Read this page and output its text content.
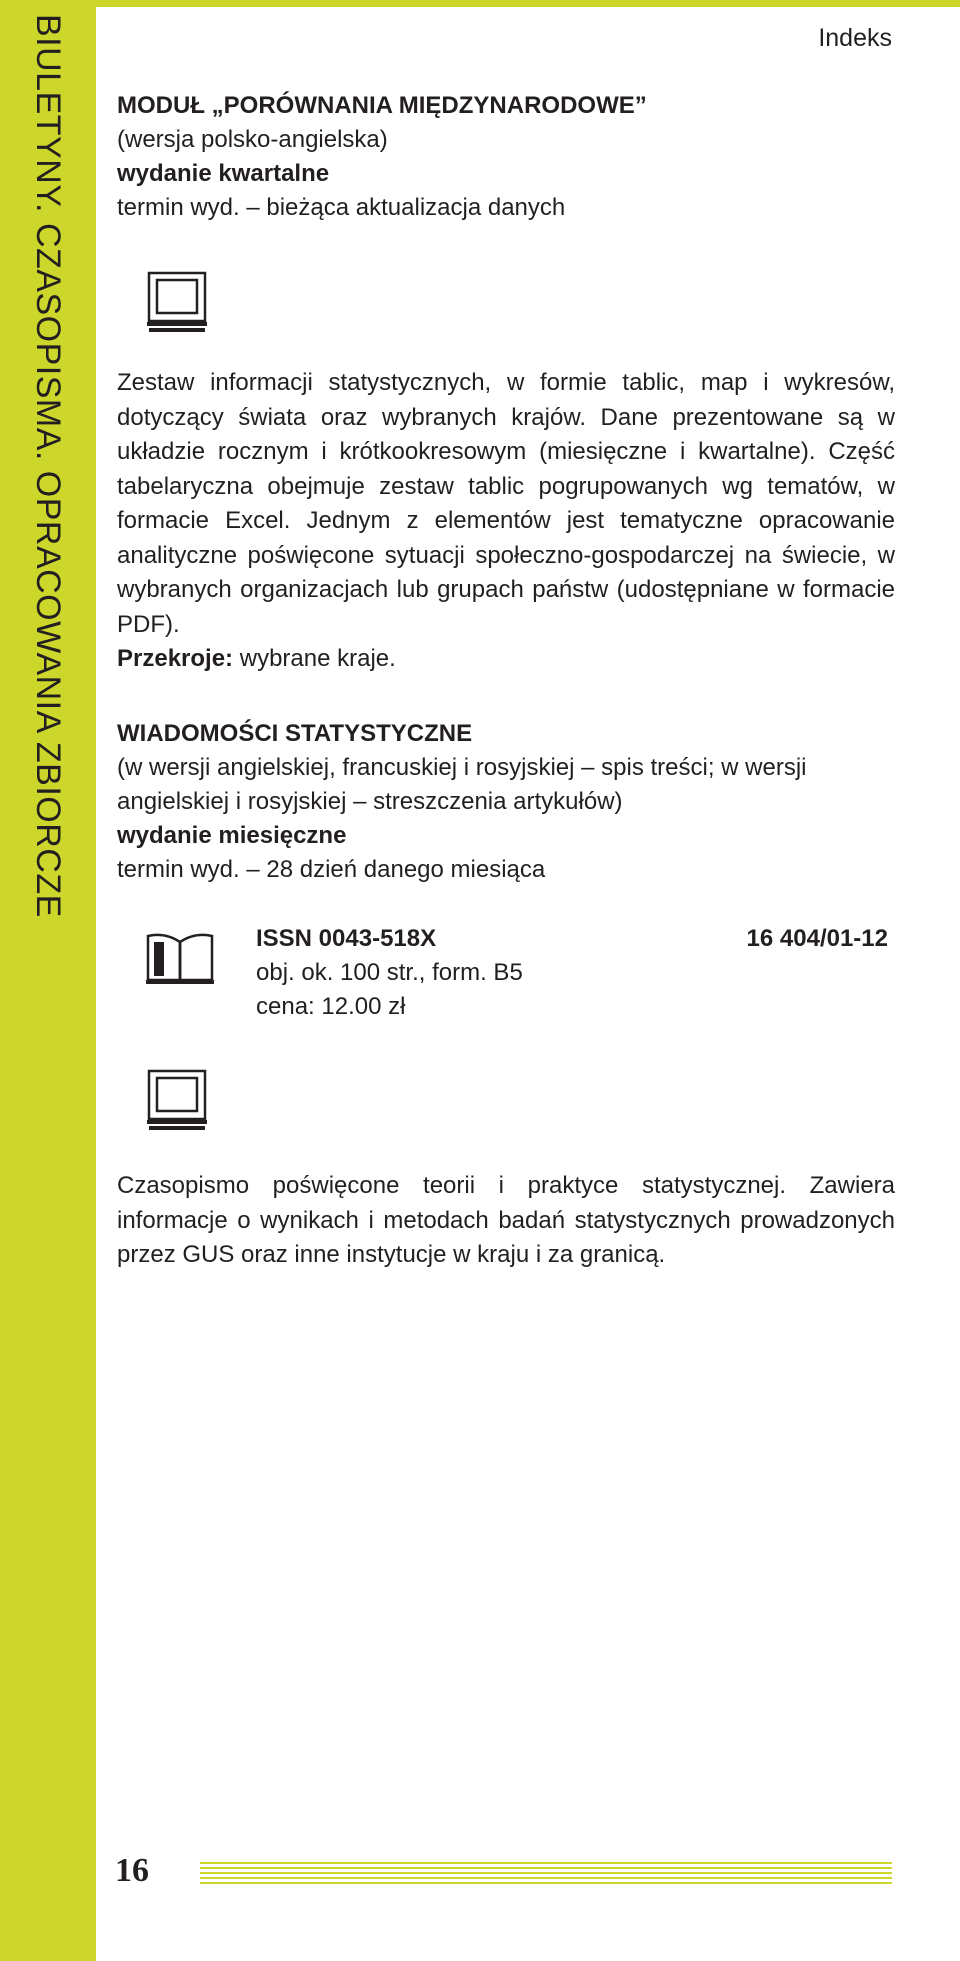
BIULETYNY. CZASOPISMA. OPRACOWANIA ZBIORCZE	Indeks
MODUŁ „PORÓWNANIA MIĘDZYNARODOWE”
(wersja polsko-angielska)
wydanie kwartalne
termin wyd. – bieżąca aktualizacja danych

Zestaw informacji statystycznych, w formie tablic, map i wykresów, dotyczący świata oraz wybranych krajów. Dane prezentowane są w układzie rocznym i krótkookresowym (miesięczne i kwartalne). Część tabelaryczna obejmuje zestaw tablic pogrupowanych wg tematów, w formacie Excel. Jednym z elementów jest tematyczne opracowanie analityczne poświęcone sytuacji społeczno-gospodarczej na świecie, w wybranych organizacjach lub grupach państw (udostępniane w formacie PDF).

Przekroje: wybrane kraje.

WIADOMOŚCI STATYSTYCZNE
(w wersji angielskiej, francuskiej i rosyjskiej – spis treści; w wersji
angielskiej i rosyjskiej – streszczenia artykułów)
wydanie miesięczne
termin wyd. – 28 dzień danego miesiąca
ISSN 0043-518X	16 404/01-12
obj. ok. 100 str., form. B5
cena: 12.00 zł

Czasopismo poświęcone teorii i praktyce statystycznej. Zawiera informacje o wynikach i metodach badań statystycznych prowadzonych przez GUS oraz inne instytucje w kraju i za granicą.

16
